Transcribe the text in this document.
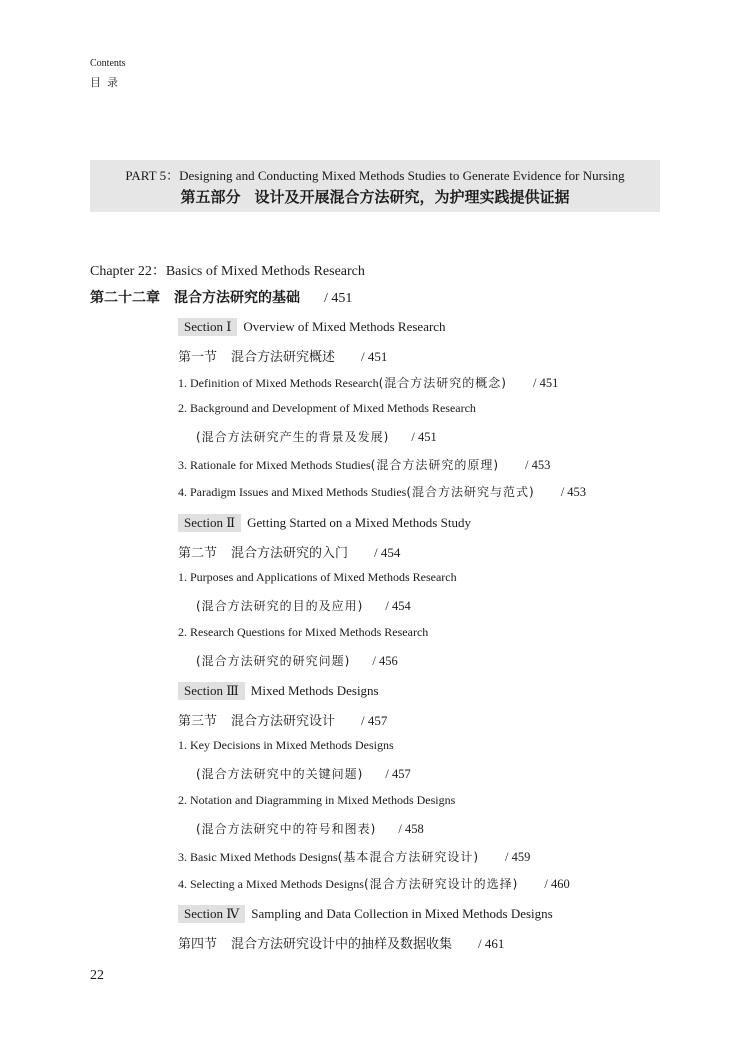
Contents
目录
PART 5：Designing and Conducting Mixed Methods Studies to Generate Evidence for Nursing
第五部分 设计及开展混合方法研究，为护理实践提供证据
Chapter 22：Basics of Mixed Methods Research
第二十二章　混合方法研究的基础 / 451
Section Ⅰ Overview of Mixed Methods Research
第一节 混合方法研究概述 / 451
1. Definition of Mixed Methods Research(混合方法研究的概念) / 451
2. Background and Development of Mixed Methods Research
(混合方法研究产生的背景及发展) / 451
3. Rationale for Mixed Methods Studies(混合方法研究的原理) / 453
4. Paradigm Issues and Mixed Methods Studies(混合方法研究与范式) / 453
Section Ⅱ Getting Started on a Mixed Methods Study
第二节 混合方法研究的入门 / 454
1. Purposes and Applications of Mixed Methods Research
(混合方法研究的目的及应用) / 454
2. Research Questions for Mixed Methods Research
(混合方法研究的研究问题) / 456
Section Ⅲ Mixed Methods Designs
第三节 混合方法研究设计 / 457
1. Key Decisions in Mixed Methods Designs
(混合方法研究中的关键问题) / 457
2. Notation and Diagramming in Mixed Methods Designs
(混合方法研究中的符号和图表) / 458
3. Basic Mixed Methods Designs(基本混合方法研究设计) / 459
4. Selecting a Mixed Methods Designs(混合方法研究设计的选择) / 460
Section Ⅳ Sampling and Data Collection in Mixed Methods Designs
第四节 混合方法研究设计中的抽样及数据收集 / 461
22
